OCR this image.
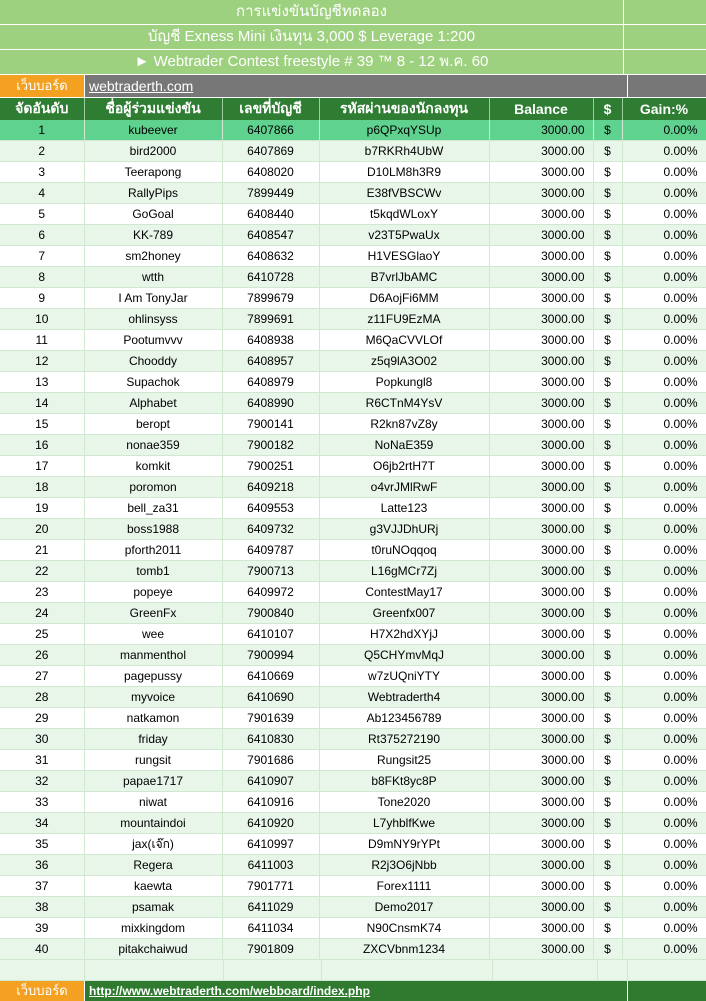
การแข่งขันบัญชีทดลอง
บัญชี Exness Mini เงินทุน 3,000 $ Leverage 1:200
► Webtrader Contest freestyle # 39 ™ 8 - 12 พ.ค. 60
เว็บบอร์ด	webtraderth.com
จัดอันดับ	ชื่อผู้ร่วมแข่งขัน	เลขที่บัญชี	รหัสผ่านของนักลงทุน	Balance	$	Gain:%
1	kubeever	6407866	p6QPxqYSUp	3000.00	$	0.00%
2	bird2000	6407869	b7RKRh4UbW	3000.00	$	0.00%
3	Teerapong	6408020	D10LM8h3R9	3000.00	$	0.00%
4	RallyPips	7899449	E38fVBSCWv	3000.00	$	0.00%
5	GoGoal	6408440	t5kqdWLoxY	3000.00	$	0.00%
6	KK-789	6408547	v23T5PwaUx	3000.00	$	0.00%
7	sm2honey	6408632	H1VESGlaoY	3000.00	$	0.00%
8	wtth	6410728	B7vrlJbAMC	3000.00	$	0.00%
9	I Am TonyJar	7899679	D6AojFi6MM	3000.00	$	0.00%
10	ohlinsyss	7899691	z11FU9EzMA	3000.00	$	0.00%
11	Pootumvvv	6408938	M6QaCVVLOf	3000.00	$	0.00%
12	Chooddy	6408957	z5q9lA3O02	3000.00	$	0.00%
13	Supachok	6408979	Popkungl8	3000.00	$	0.00%
14	Alphabet	6408990	R6CTnM4YsV	3000.00	$	0.00%
15	beropt	7900141	R2kn87vZ8y	3000.00	$	0.00%
16	nonae359	7900182	NoNaE359	3000.00	$	0.00%
17	komkit	7900251	O6jb2rtH7T	3000.00	$	0.00%
18	poromon	6409218	o4vrJMlRwF	3000.00	$	0.00%
19	bell_za31	6409553	Latte123	3000.00	$	0.00%
20	boss1988	6409732	g3VJJDhURj	3000.00	$	0.00%
21	pforth2011	6409787	t0ruNOqqoq	3000.00	$	0.00%
22	tomb1	7900713	L16gMCr7Zj	3000.00	$	0.00%
23	popeye	6409972	ContestMay17	3000.00	$	0.00%
24	GreenFx	7900840	Greenfx007	3000.00	$	0.00%
25	wee	6410107	H7X2hdXYjJ	3000.00	$	0.00%
26	manmenthol	7900994	Q5CHYmvMqJ	3000.00	$	0.00%
27	pagepussy	6410669	w7zUQniYTY	3000.00	$	0.00%
28	myvoice	6410690	Webtraderth4	3000.00	$	0.00%
29	natkamon	7901639	Ab123456789	3000.00	$	0.00%
30	friday	6410830	Rt375272190	3000.00	$	0.00%
31	rungsit	7901686	Rungsit25	3000.00	$	0.00%
32	papae1717	6410907	b8FKt8yc8P	3000.00	$	0.00%
33	niwat	6410916	Tone2020	3000.00	$	0.00%
34	mountaindoi	6410920	L7yhblfKwe	3000.00	$	0.00%
35	jax(เจ๊ก)	6410997	D9mNY9rYPt	3000.00	$	0.00%
36	Regera	6411003	R2j3O6jNbb	3000.00	$	0.00%
37	kaewta	7901771	Forex1111	3000.00	$	0.00%
38	psamak	6411029	Demo2017	3000.00	$	0.00%
39	mixkingdom	6411034	N90CnsmK74	3000.00	$	0.00%
40	pitakchaiwud	7901809	ZXCVbnm1234	3000.00	$	0.00%
เว็บบอร์ด	http://www.webtraderth.com/webboard/index.php
